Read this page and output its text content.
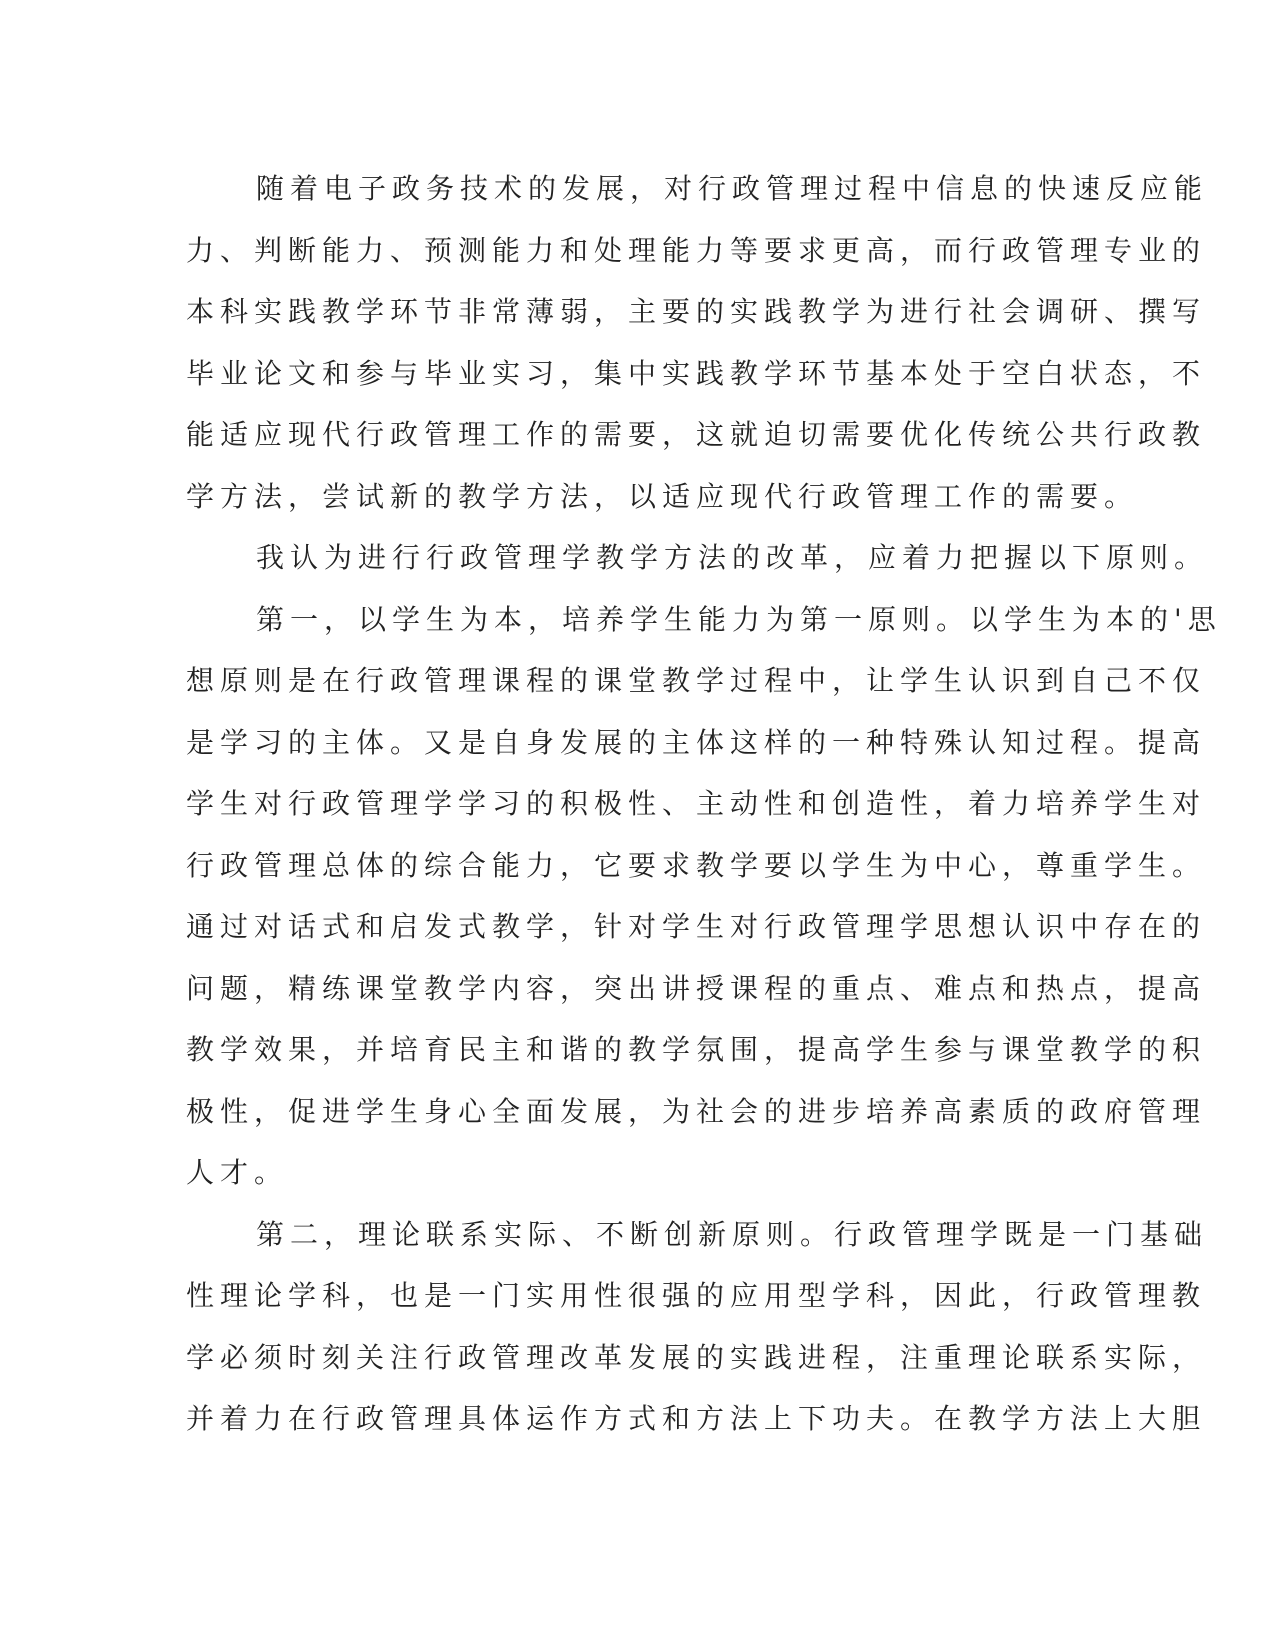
随着电子政务技术的发展，对行政管理过程中信息的快速反应能
力、判断能力、预测能力和处理能力等要求更高，而行政管理专业的
本科实践教学环节非常薄弱，主要的实践教学为进行社会调研、撰写
毕业论文和参与毕业实习，集中实践教学环节基本处于空白状态，不
能适应现代行政管理工作的需要，这就迫切需要优化传统公共行政教
学方法，尝试新的教学方法，以适应现代行政管理工作的需要。

我认为进行行政管理学教学方法的改革，应着力把握以下原则。

第一，以学生为本，培养学生能力为第一原则。以学生为本的'思
想原则是在行政管理课程的课堂教学过程中，让学生认识到自己不仅
是学习的主体。又是自身发展的主体这样的一种特殊认知过程。提高
学生对行政管理学学习的积极性、主动性和创造性，着力培养学生对
行政管理总体的综合能力，它要求教学要以学生为中心，尊重学生。
通过对话式和启发式教学，针对学生对行政管理学思想认识中存在的
问题，精练课堂教学内容，突出讲授课程的重点、难点和热点，提高
教学效果，并培育民主和谐的教学氛围，提高学生参与课堂教学的积
极性，促进学生身心全面发展，为社会的进步培养高素质的政府管理
人才。

第二，理论联系实际、不断创新原则。行政管理学既是一门基础
性理论学科，也是一门实用性很强的应用型学科，因此，行政管理教
学必须时刻关注行政管理改革发展的实践进程，注重理论联系实际，
并着力在行政管理具体运作方式和方法上下功夫。在教学方法上大胆
